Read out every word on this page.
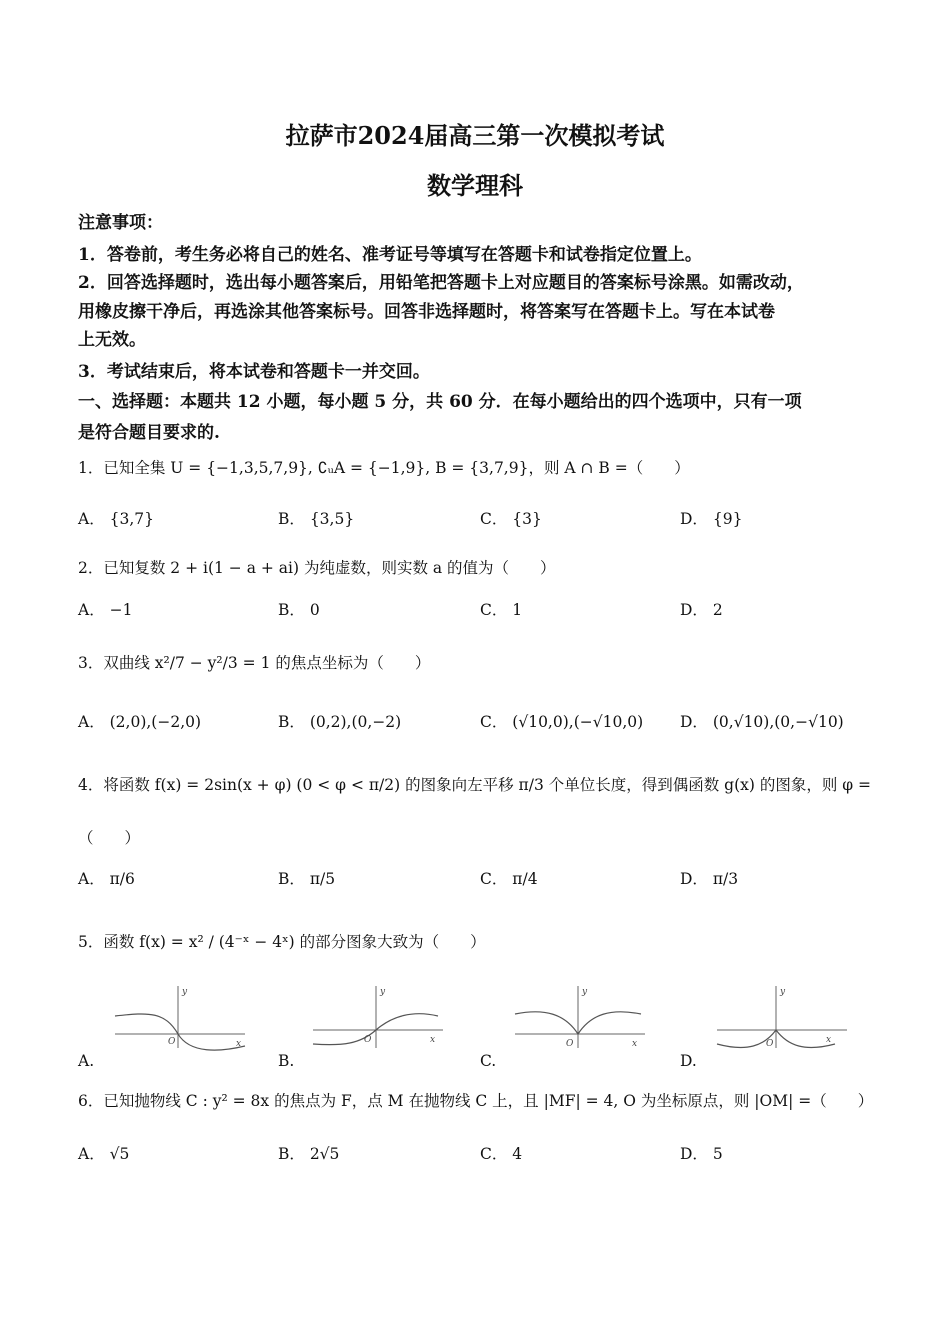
拉萨市2024届高三第一次模拟考试
数学理科
注意事项：
1．答卷前，考生务必将自己的姓名、准考证号等填写在答题卡和试卷指定位置上。
2．回答选择题时，选出每小题答案后，用铅笔把答题卡上对应题目的答案标号涂黑。如需改动，
用橡皮擦干净后，再选涂其他答案标号。回答非选择题时，将答案写在答题卡上。写在本试卷
上无效。
3．考试结束后，将本试卷和答题卡一并交回。
一、选择题：本题共 12 小题，每小题 5 分，共 60 分．在每小题给出的四个选项中，只有一项
是符合题目要求的.
1．已知全集 U = {−1,3,5,7,9}, ∁ᵤA = {−1,9}, B = {3,7,9}，则 A ∩ B =（　　）
A． {3,7}	B． {3,5}	C． {3}	D． {9}
2．已知复数 2 + i(1 − a + ai) 为纯虚数，则实数 a 的值为（　　）
A． −1	B． 0	C． 1	D． 2
3．双曲线 x²/7 − y²/3 = 1 的焦点坐标为（　　）
A． (2,0),(−2,0)	B． (0,2),(0,−2)	C． (√10,0),(−√10,0) D． (0,√10),(0,−√10)
4．将函数 f(x) = 2sin(x + φ) (0 < φ < π/2) 的图象向左平移 π/3 个单位长度，得到偶函数 g(x) 的图象，则 φ =
（　　）
A． π/6	B． π/5	C． π/4	D． π/3
5．函数 f(x) = x² / (4⁻ˣ − 4ˣ) 的部分图象大致为（　　）
A.
y
x
O
B.
y
x
O
C.
y
x
O
D.
y
x
O
6．已知抛物线 C : y² = 8x 的焦点为 F，点 M 在抛物线 C 上，且 |MF| = 4, O 为坐标原点，则 |OM| =（　　）
A． √5	B． 2√5	C． 4	D． 5
